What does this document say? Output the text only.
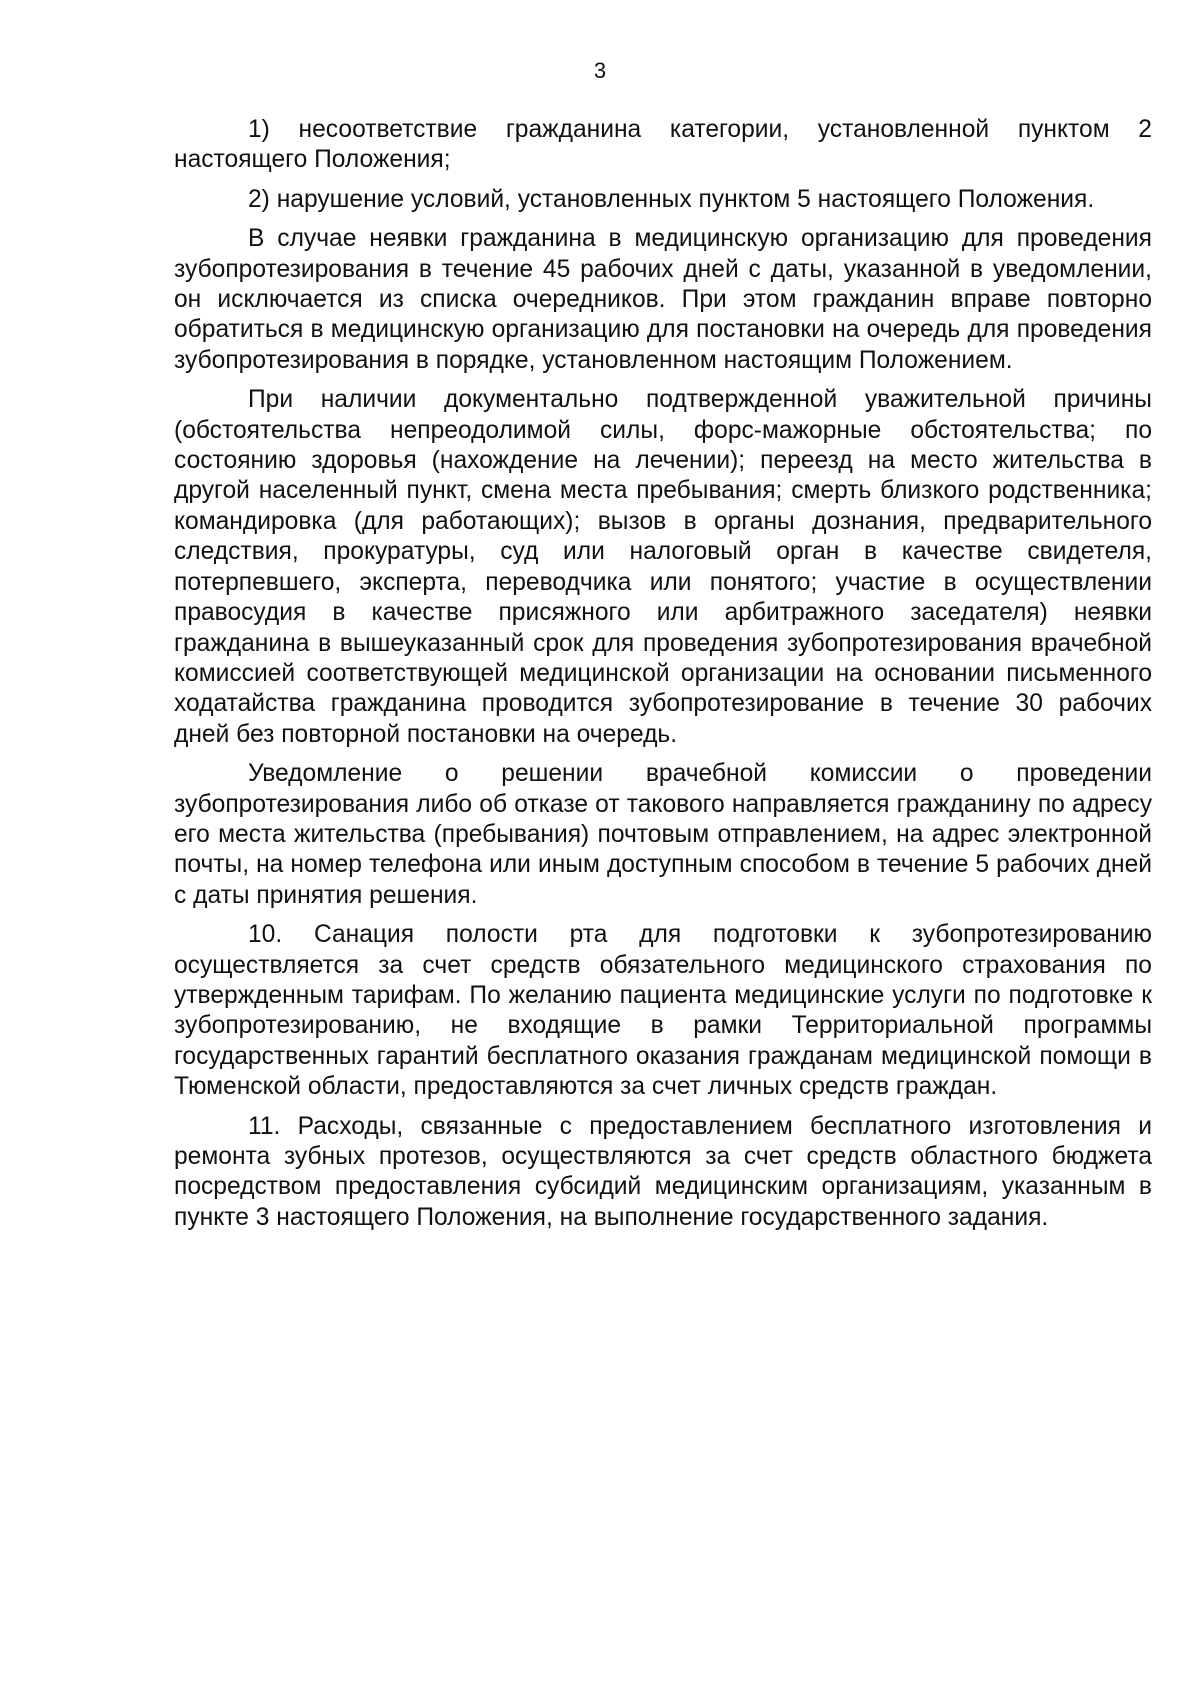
3

1) несоответствие гражданина категории, установленной пунктом 2 настоящего Положения;

2) нарушение условий, установленных пунктом 5 настоящего Положения.

В случае неявки гражданина в медицинскую организацию для проведения зубопротезирования в течение 45 рабочих дней с даты, указанной в уведомлении, он исключается из списка очередников. При этом гражданин вправе повторно обратиться в медицинскую организацию для постановки на очередь для проведения зубопротезирования в порядке, установленном настоящим Положением.

При наличии документально подтвержденной уважительной причины (обстоятельства непреодолимой силы, форс-мажорные обстоятельства; по состоянию здоровья (нахождение на лечении); переезд на место жительства в другой населенный пункт, смена места пребывания; смерть близкого родственника; командировка (для работающих); вызов в органы дознания, предварительного следствия, прокуратуры, суд или налоговый орган в качестве свидетеля, потерпевшего, эксперта, переводчика или понятого; участие в осуществлении правосудия в качестве присяжного или арбитражного заседателя) неявки гражданина в вышеуказанный срок для проведения зубопротезирования врачебной комиссией соответствующей медицинской организации на основании письменного ходатайства гражданина проводится зубопротезирование в течение 30 рабочих дней без повторной постановки на очередь.

Уведомление о решении врачебной комиссии о проведении зубопротезирования либо об отказе от такового направляется гражданину по адресу его места жительства (пребывания) почтовым отправлением, на адрес электронной почты, на номер телефона или иным доступным способом в течение 5 рабочих дней с даты принятия решения.

10. Санация полости рта для подготовки к зубопротезированию осуществляется за счет средств обязательного медицинского страхования по утвержденным тарифам. По желанию пациента медицинские услуги по подготовке к зубопротезированию, не входящие в рамки Территориальной программы государственных гарантий бесплатного оказания гражданам медицинской помощи в Тюменской области, предоставляются за счет личных средств граждан.

11. Расходы, связанные с предоставлением бесплатного изготовления и ремонта зубных протезов, осуществляются за счет средств областного бюджета посредством предоставления субсидий медицинским организациям, указанным в пункте 3 настоящего Положения, на выполнение государственного задания.
